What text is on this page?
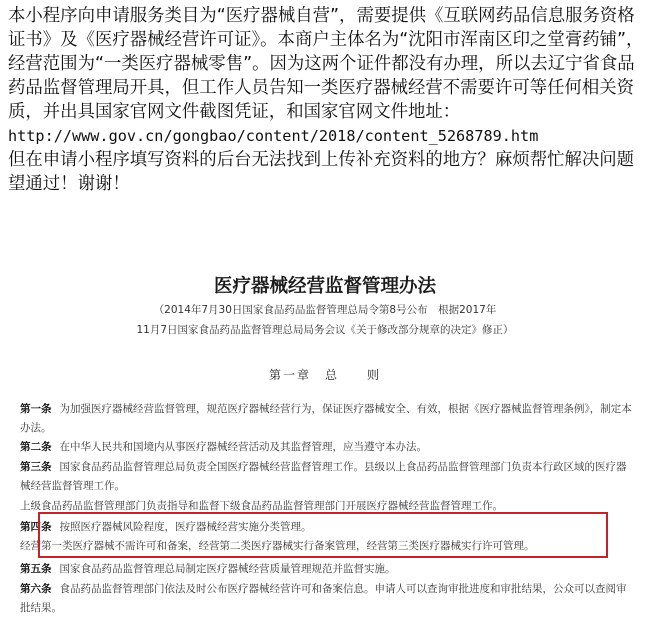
本小程序向申请服务类目为“医疗器械自营”，需要提供《互联网药品信息服务资格证书》及《医疗器械经营许可证》。本商户主体名为“沈阳市浑南区印之堂膏药铺”，经营范围为“一类医疗器械零售”。因为这两个证件都没有办理，所以去辽宁省食品药品监督管理局开具，但工作人员告知一类医疗器械经营不需要许可等任何相关资质，并出具国家官网文件截图凭证，和国家官网文件地址：

http://www.gov.cn/gongbao/content/2018/content_5268789.htm

但在申请小程序填写资料的后台无法找到上传补充资料的地方？麻烦帮忙解决问题望通过！谢谢！

医疗器械经营监督管理办法
（2014年7月30日国家食品药品监督管理总局令第8号公布　根据2017年
11月7日国家食品药品监督管理总局局务会议《关于修改部分规章的决定》修正）
第一章　总　　则
第一条 为加强医疗器械经营监督管理，规范医疗器械经营行为，保证医疗器械安全、有效，根据《医疗器械监督管理条例》，制定本办法。
第二条 在中华人民共和国境内从事医疗器械经营活动及其监督管理，应当遵守本办法。
第三条 国家食品药品监督管理总局负责全国医疗器械经营监督管理工作。县级以上食品药品监督管理部门负责本行政区域的医疗器械经营监督管理工作。
上级食品药品监督管理部门负责指导和监督下级食品药品监督管理部门开展医疗器械经营监督管理工作。
第四条 按照医疗器械风险程度，医疗器械经营实施分类管理。
经营第一类医疗器械不需许可和备案，经营第二类医疗器械实行备案管理，经营第三类医疗器械实行许可管理。
第五条 国家食品药品监督管理总局制定医疗器械经营质量管理规范并监督实施。
第六条 食品药品监督管理部门依法及时公布医疗器械经营许可和备案信息。申请人可以查询审批进度和审批结果，公众可以查阅审批结果。
